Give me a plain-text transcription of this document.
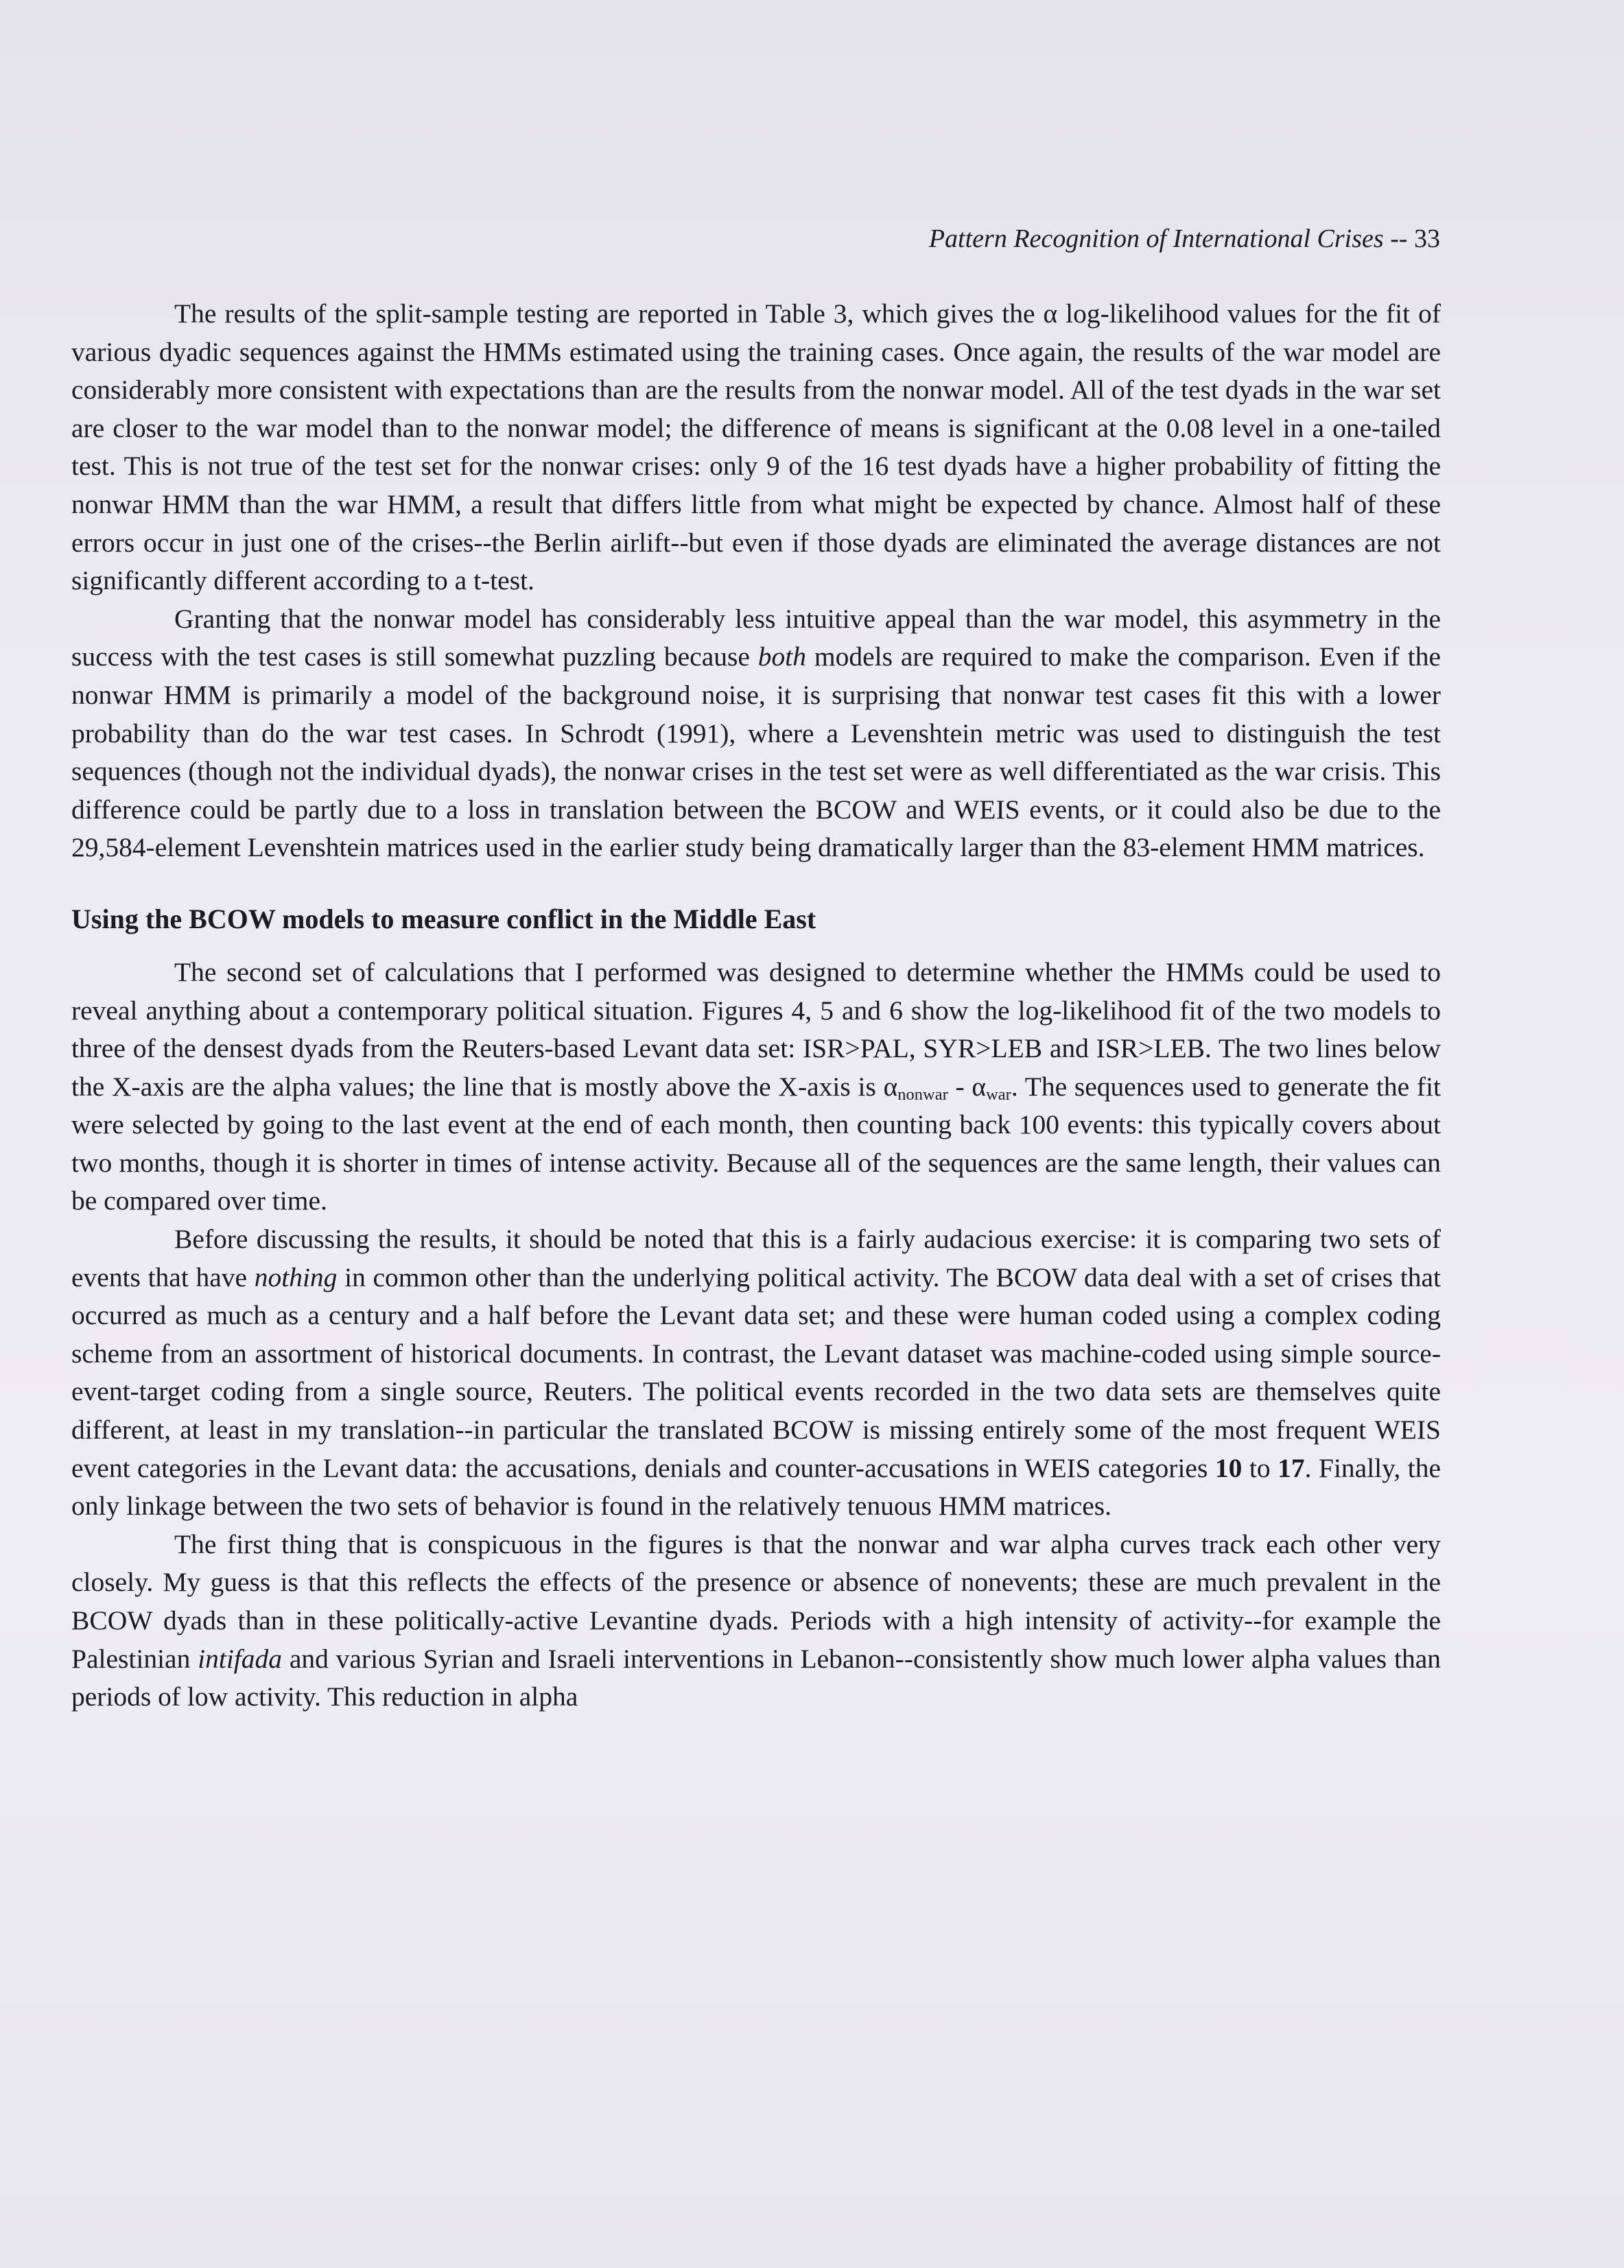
Pattern Recognition of International Crises -- 33

The results of the split-sample testing are reported in Table 3, which gives the α log-likelihood values for the fit of various dyadic sequences against the HMMs estimated using the training cases. Once again, the results of the war model are considerably more consistent with expectations than are the results from the nonwar model. All of the test dyads in the war set are closer to the war model than to the nonwar model; the difference of means is significant at the 0.08 level in a one-tailed test. This is not true of the test set for the nonwar crises: only 9 of the 16 test dyads have a higher probability of fitting the nonwar HMM than the war HMM, a result that differs little from what might be expected by chance. Almost half of these errors occur in just one of the crises--the Berlin airlift--but even if those dyads are eliminated the average distances are not significantly different according to a t-test.

Granting that the nonwar model has considerably less intuitive appeal than the war model, this asymmetry in the success with the test cases is still somewhat puzzling because both models are required to make the comparison. Even if the nonwar HMM is primarily a model of the background noise, it is surprising that nonwar test cases fit this with a lower probability than do the war test cases. In Schrodt (1991), where a Levenshtein metric was used to distinguish the test sequences (though not the individual dyads), the nonwar crises in the test set were as well differentiated as the war crisis. This difference could be partly due to a loss in translation between the BCOW and WEIS events, or it could also be due to the 29,584-element Levenshtein matrices used in the earlier study being dramatically larger than the 83-element HMM matrices.

Using the BCOW models to measure conflict in the Middle East

The second set of calculations that I performed was designed to determine whether the HMMs could be used to reveal anything about a contemporary political situation. Figures 4, 5 and 6 show the log-likelihood fit of the two models to three of the densest dyads from the Reuters-based Levant data set: ISR>PAL, SYR>LEB and ISR>LEB. The two lines below the X-axis are the alpha values; the line that is mostly above the X-axis is $\alpha_{nonwar} - \alpha_{war}$. The sequences used to generate the fit were selected by going to the last event at the end of each month, then counting back 100 events: this typically covers about two months, though it is shorter in times of intense activity. Because all of the sequences are the same length, their values can be compared over time.

Before discussing the results, it should be noted that this is a fairly audacious exercise: it is comparing two sets of events that have nothing in common other than the underlying political activity. The BCOW data deal with a set of crises that occurred as much as a century and a half before the Levant data set; and these were human coded using a complex coding scheme from an assortment of historical documents. In contrast, the Levant dataset was machine-coded using simple source-event-target coding from a single source, Reuters. The political events recorded in the two data sets are themselves quite different, at least in my translation--in particular the translated BCOW is missing entirely some of the most frequent WEIS event categories in the Levant data: the accusations, denials and counter-accusations in WEIS categories 10 to 17. Finally, the only linkage between the two sets of behavior is found in the relatively tenuous HMM matrices.

The first thing that is conspicuous in the figures is that the nonwar and war alpha curves track each other very closely. My guess is that this reflects the effects of the presence or absence of nonevents; these are much prevalent in the BCOW dyads than in these politically-active Levantine dyads. Periods with a high intensity of activity--for example the Palestinian intifada and various Syrian and Israeli interventions in Lebanon--consistently show much lower alpha values than periods of low activity. This reduction in alpha
